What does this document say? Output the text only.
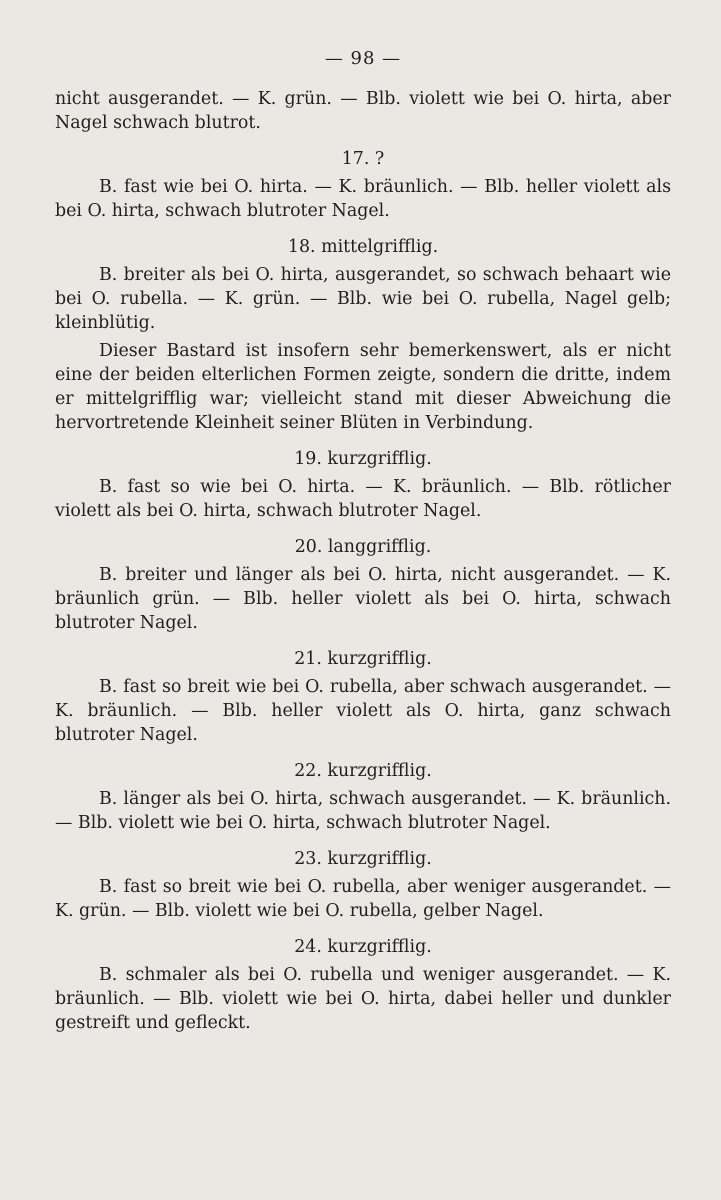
— 98 —

nicht ausgerandet. — K. grün. — Blb. violett wie bei O. hirta, aber Nagel schwach blutrot.

17. ?

B. fast wie bei O. hirta. — K. bräunlich. — Blb. heller violett als bei O. hirta, schwach blutroter Nagel.

18. mittelgrifflig.

B. breiter als bei O. hirta, ausgerandet, so schwach behaart wie bei O. rubella. — K. grün. — Blb. wie bei O. rubella, Nagel gelb; kleinblütig.

Dieser Bastard ist insofern sehr bemerkenswert, als er nicht eine der beiden elterlichen Formen zeigte, sondern die dritte, indem er mittelgrifflig war; vielleicht stand mit dieser Abweichung die hervortretende Kleinheit seiner Blüten in Verbindung.

19. kurzgrifflig.

B. fast so wie bei O. hirta. — K. bräunlich. — Blb. rötlicher violett als bei O. hirta, schwach blutroter Nagel.

20. langgrifflig.

B. breiter und länger als bei O. hirta, nicht ausgerandet. — K. bräunlich grün. — Blb. heller violett als bei O. hirta, schwach blutroter Nagel.

21. kurzgrifflig.

B. fast so breit wie bei O. rubella, aber schwach ausgerandet. — K. bräunlich. — Blb. heller violett als O. hirta, ganz schwach blutroter Nagel.

22. kurzgrifflig.

B. länger als bei O. hirta, schwach ausgerandet. — K. bräunlich. — Blb. violett wie bei O. hirta, schwach blutroter Nagel.

23. kurzgrifflig.

B. fast so breit wie bei O. rubella, aber weniger ausgerandet. — K. grün. — Blb. violett wie bei O. rubella, gelber Nagel.

24. kurzgrifflig.

B. schmaler als bei O. rubella und weniger ausgerandet. — K. bräunlich. — Blb. violett wie bei O. hirta, dabei heller und dunkler gestreift und gefleckt.
